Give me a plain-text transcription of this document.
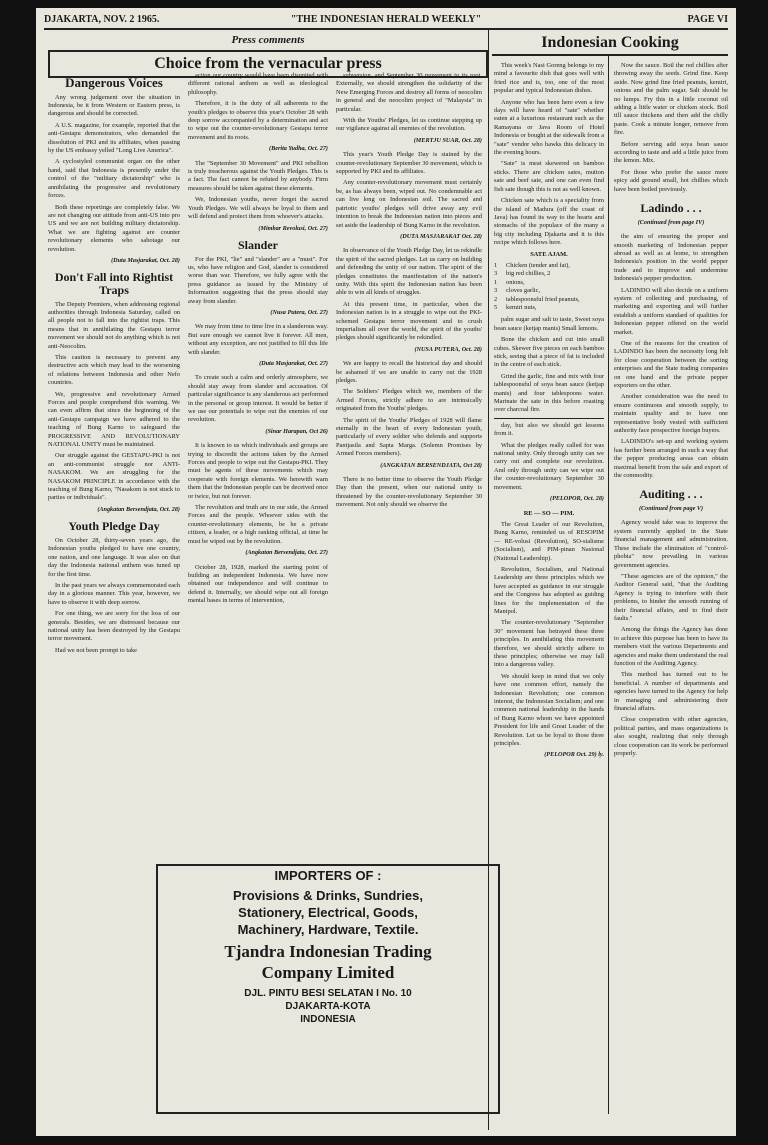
DJAKARTA, NOV. 2 1965.	"THE INDONESIAN HERALD WEEKLY"	PAGE VI
Press comments
Choice from the vernacular press
Indonesian Cooking
Dangerous Voices

Any wrong judgement over the situation in Indonesia, be it from Western or Eastern press, is dangerous and should be corrected.

A U.S. magazine, for example, reported that the anti-Gestapu demonstrators, who demanded the dissolution of PKI and its affiliates, when passing by the US embassy yelled "Long Live America".

A cyclostyled communist organ on the other hand, said that Indonesia is presently under the control of the "military dictatorship" who is annihilating the progressive and revolutionary forces.

Both these reportings are completely false. We are not changing our attitude from anti-US into pro US and we are not building military dictatorship. What we are fighting against are counter revolutionary elements who sabotage our revolution.

(Duta Masjarakat, Oct. 28)
Don't Fall into Rightist Traps

The Deputy Premiers, when addressing regional authorities through Indonesia Saturday, called on all people not to fall into the rightist traps. This means that in annihilating the Gestapu terror movement we should not do anything which is not anti-Neocolim.

This caution is necessary to prevent any destructive acts which may lead to the worsening of relations between Indonesia and other Nefo countries.

We, progressive and revolutionary Armed Forces and people comprehend this warning. We can even affirm that since the beginning of the anti-Gestapu campaign we have adhered to the teaching of Bung Karno to safeguard the PROGRESSIVE AND REVOLUTIONARY NATIONAL UNITY must be maintained.

Our struggle against the GESTAPU-PKI is not an anti-communist struggle nor ANTI-NASAKOM. We are struggling for the NASAKOM PRINCIPLE in accordance with the teaching of Bung Karno, "Nasakom is not stuck to parties or individuals".

(Angkatan Bersendjata, Oct. 28)
Youth Pledge Day

On October 28, thirty-seven years ago, the Indonesian youths pledged to have one country, one nation, and one language. It was also on that day the Indonesia national anthem was tuned up for the first time.

In the past years we always commemorated each day in a glorious manner. This year, however, we have to observe it with deep sorrow.

For one thing, we are sorry for the loss of our generals. Besides, we are distressed because our national unity has been destroyed by the Gestapu terror movement.

Had we not been prompt to take

action our country would have been disunited with different rational anthem as well as ideological philosophy.

Therefore, it is the duty of all adherents to the youth's pledges to observe this year's October 28 with deep sorrow accompanied by a determination and act to wipe out the counter-revolutionary Gestapu terror movement and its roots.

(Berita Yudha, Oct. 27)

The "September 30 Movement" and PKI rebellion is truly treacherous against the Youth Pledges. This is a fact. The fact cannot be refuted by anybody. Firm measures should be taken against these elements.

We, Indonesian youths, never forget the sacred Youth Pledges. We will always be loyal to them and will defend and protect them from whoever's attacks.

(Mimbar Revolusi, Oct. 27)
Slander

For the PKI, "lie" and "slander" are a "must". For us, who have religion and God, slander is considered worse than war. Therefore, we fully agree with the press guidance as issued by the Ministry of Information suggesting that the press should stay away from slander.

(Nusa Putera, Oct. 27)

We may from time to time live in a slanderous way. But sure enough we cannot live it forever. All men, without any exception, are not justified to fill this life with slander.

(Duta Masjarakat, Oct. 27)

To create such a calm and orderly atmosphere, we should stay away from slander and accusation. Of particular significance is any slanderous act performed in the personal or group interest. It would be better if we use our potentials to wipe out the enemies of our revolution.

(Sinar Harapan, Oct 26)

It is known to us which individuals and groups are trying to discredit the actions taken by the Armed Forces and people to wipe out the Gestapu-PKI. They must be agents of these movements which may cooperate with foreign elements. We herewith warn them that the Indonesian people can be deceived once or twice, but not forever.

The revolution and truth are in our side, the Armed Forces and the people. Whoever sides with the counter-revolutionary elements, be he a private citizen, a leader, or a high ranking official, at time he must be wiped out by the revolution.

(Angkatan Bersendjata, Oct. 27)

October 28, 1928, marked the starting point of building an independent Indonesia. We have now obtained our independence and will continue to defend it. Internally, we should wipe out all foreign mental bases in terms of intervention,

subversion, and September 30 movement to its root. Externally, we should strengthen the solidarity of the New Emerging Forces and destroy all forms of neocolim in general and the neocolim project of "Malaysia" in particular.

With the Youths' Pledges, let us continue stepping up our vigilance against all enemies of the revolution.

(MERTJU SUAR, Oct. 28)

This year's Youth Pledge Day is stained by the counter-revolutionary September 30 movement, which is supported by PKI and its affiliates.

Any counter-revolutionary movement must certainly be, as has always been, wiped out. No condemnable act can live long on Indonesian soil. The sacred and patriotic youths' pledges will drive away any evil intention to break the Indonesian nation into pieces and set aside the leadership of Bung Karno in the revolution.

(DUTA MASJARAKAT Oct. 28)

In observance of the Youth Pledge Day, let us rekindle the spirit of the sacred pledges. Let us carry on building and defending the unity of our nation. The spirit of the pledges constitutes the manifestation of the nation's unity. With this spirit the Indonesian nation has been able to win all kinds of struggles.

At this present time, in particular, when the Indonesian nation is in a struggle to wipe out the PKI-schemed Gestapu terror movement and to crush imperialism all over the world, the spirit of the youths' pledges should significantly be rekindled.

(NUSA PUTERA, Oct. 28)

We are happy to recall the historical day and should be ashamed if we are unable to carry out the 1928 pledges.

The Soldiers' Pledges which we, members of the Armed Forces, strictly adhere to are intrinsically originated from the Youths' pledges.

The spirit of the Youths' Pledges of 1928 will flame eternally in the heart of every Indonesian youth, particularly of every soldier who defends and supports Pantjasila and Sapta Marga. (Solemn Promises by Armed Forces members).

(ANGKATAN BERSENDJATA, Oct 28)

There is no better time to observe the Youth Pledge Day than the present, when our national unity is threatened by the counter-revolutionary September 30 movement. Not only should we observe the

This week's Nasi Goreng belongs to my mind a favourite dish that goes well with fried rice and is, too, one of the most popular and typical Indonesian dishes.

Anyone who has been here even a few days will have heard of "sate" whether eaten at a luxurious restaurant such as the Ramayana or Java Room of Hotel Indonesia or bought at the sidewalk from a "sate" vendor who hawks this delicacy in the evening hours.

"Sate" is meat skewered on bamboo sticks. There are chicken sates, mutton sate and beef sate, and one can even find fish sate though this is not as well known.

Chicken sate which is a speciality from the island of Madura (off the coast of Java) has found its way to the hearts and stomachs of the populace of the many a big city including Djakarta and it is this recipe which follows here.

SATE AJAM.
1	Chicken (tender and fat),
3	big red chillies, 2
1	onions,
3	cloves garlic,
2	tablespoonsful fried peanuts,
5	kemiri nuts,

palm sugar and salt to taste, Sweet soya bean sauce (ketjap manis) Small lemons.

Bone the chicken and cut into small cubes. Skewer five pieces on each bamboo stick, seeing that a piece of fat is included in the centre of each stick.

Grind the garlic, fine and mix with four tablespoonsful of soya bean sauce (ketjap manis) and four tablespoons water. Marinate the sate in this before roasting over charcoal fire.

day, but also we should get lessons from it.

What the pledges really called for was national unity. Only through unity can we carry out and complete our revolution. And only through unity can we wipe out the counter-revolutionary September 30 movement.

(PELOPOR, Oct. 28)
RE — SO — PIM.

The Great Leader of our Revolution, Bung Karno, reminded us of RESOPIM — RE-volusi (Revolution), SO-sialisme (Socialism), and PIM-pinan Nasional (National Leadership).

Revolution, Socialism, and National Leadership are three principles which we have accepted as guidance in our struggle and the Congress has adopted as guiding lines for the implementation of the Manipol.

The counter-revolutionary "September 30" movement has betrayed these three principles. In annihilating this movement therefore, we should strictly adhere to these principles; otherwise we may fall into a dangerous valley.

We should keep in mind that we only have one common effort, namely the Indonesian Revolution; one common interest, the Indonesian Socialism; and one common national leadership in the hands of Bung Karno whom we have appointed President for life and Great Leader of the Revolution. Let us be loyal to those three principles.

(PELOPOR Oct. 29) ly.

Now the sauce. Boil the red chillies after throwing away the seeds. Grind fine. Keep aside. Now grind fine fried peanuts, kemiri, onions and the palm sugar. Salt should be no lumps. Fry this in a little coconut oil adding a little water or chicken stock. Boil till sauce thickens and then add the chilly paste. Cook a minute longer, remove from fire.

Before serving add soya bean sauce according to taste and add a little juice from the lemon. Mix.

For those who prefer the sauce more spicy add ground small, hot chillies which have been boiled previously.

Ladindo . . .
(Continued from page IV)

the aim of ensuring the proper and smooth marketing of Indonesian pepper abroad as well as at home, to strengthen Indonesia's position in the world pepper trade and to improve and undermine Indonesia's pepper production.

LADINDO will also decide on a uniform system of collecting and purchasing, of marketing and exporting and will further establish a uniform standard of qualities for Indonesian pepper offered on the world market.

One of the reasons for the creation of LADINDO has been the necessity long felt for close cooperation between the sorting enterprises and the State trading companies on one hand and the private pepper exporters on the other.

Another consideration was the need to ensure continuous and smooth supply, to maintain quality and to have one representative body vested with sufficient authority face prospective foreign buyers.

LADINDO's set-up and working system has further been arranged in such a way that the pepper producing areas can obtain maximal benefit from the sale and export of the commodity.

Auditing . . .
(Continued from page V)

Agency would take was to improve the system currently applied in the State financial management and administration. These include the elimination of "control-phobia" now prevailing in various government agencies.

"These agencies are of the opinion," the Auditor General said, "that the Auditing Agency is trying to interfere with their problems, to hinder the smooth running of their financial affairs, and to find their faults."

Among the things the Agency has done to achieve this purpose has been to have its members visit the various Departments and agencies and make them understand the real function of the Auditing Agency.

This method has turned out to be beneficial. A number of departments and agencies have turned to the Agency for help in managing and administering their financial affairs.

Close cooperation with other agencies, political parties, and mass organizations is also sought, realizing that only through close cooperation can its work be performed properly.

IMPORTERS OF :
Provisions & Drinks, Sundries,
Stationery, Electrical, Goods,
Machinery, Hardware, Textile.
Tjandra Indonesian Trading
Company Limited
DJL. PINTU BESI SELATAN I No. 10
DJAKARTA-KOTA
INDONESIA
